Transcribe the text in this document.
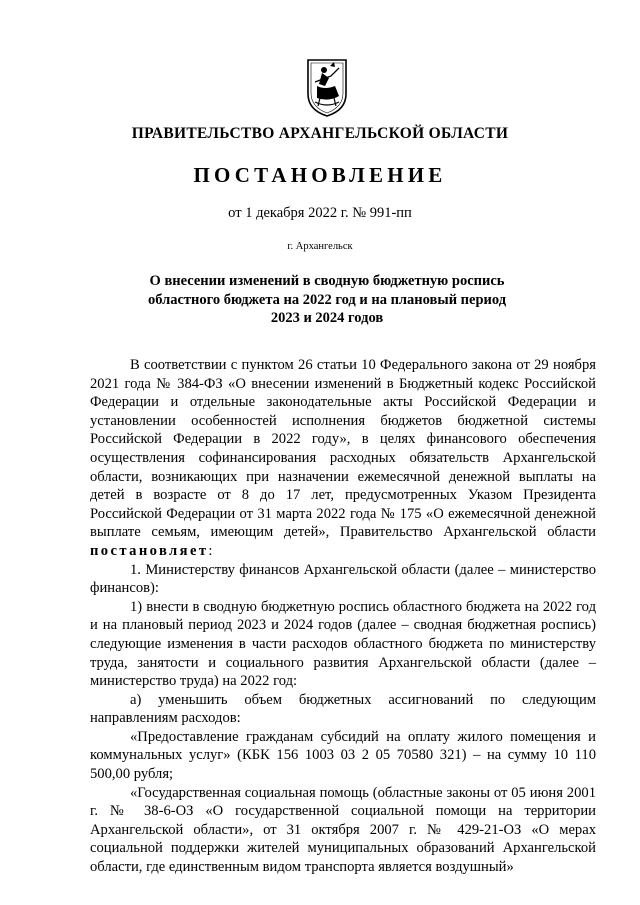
ПРАВИТЕЛЬСТВО АРХАНГЕЛЬСКОЙ ОБЛАСТИ
ПОСТАНОВЛЕНИЕ
от 1 декабря 2022 г. № 991-пп
г. Архангельск
О внесении изменений в сводную бюджетную роспись
областного бюджета на 2022 год и на плановый период
2023 и 2024 годов

В соответствии с пунктом 26 статьи 10 Федерального закона от 29 ноября 2021 года № 384-ФЗ «О внесении изменений в Бюджетный кодекс Российской Федерации и отдельные законодательные акты Российской Федерации и установлении особенностей исполнения бюджетов бюджетной системы Российской Федерации в 2022 году», в целях финансового обеспечения осуществления софинансирования расходных обязательств Архангельской области, возникающих при назначении ежемесячной денежной выплаты на детей в возрасте от 8 до 17 лет, предусмотренных Указом Президента Российской Федерации от 31 марта 2022 года № 175 «О ежемесячной денежной выплате семьям, имеющим детей», Правительство Архангельской области постановляет:

1. Министерству финансов Архангельской области (далее – министерство финансов):

1) внести в сводную бюджетную роспись областного бюджета на 2022 год и на плановый период 2023 и 2024 годов (далее – сводная бюджетная роспись) следующие изменения в части расходов областного бюджета по министерству труда, занятости и социального развития Архангельской области (далее – министерство труда) на 2022 год:

а) уменьшить объем бюджетных ассигнований по следующим направлениям расходов:

«Предоставление гражданам субсидий на оплату жилого помещения и коммунальных услуг» (КБК 156 1003 03 2 05 70580 321) – на сумму 10 110 500,00 рубля;

«Государственная социальная помощь (областные законы от 05 июня 2001 г. № 38-6-ОЗ «О государственной социальной помощи на территории Архангельской области», от 31 октября 2007 г. № 429-21-ОЗ «О мерах социальной поддержки жителей муниципальных образований Архангельской области, где единственным видом транспорта является воздушный»
